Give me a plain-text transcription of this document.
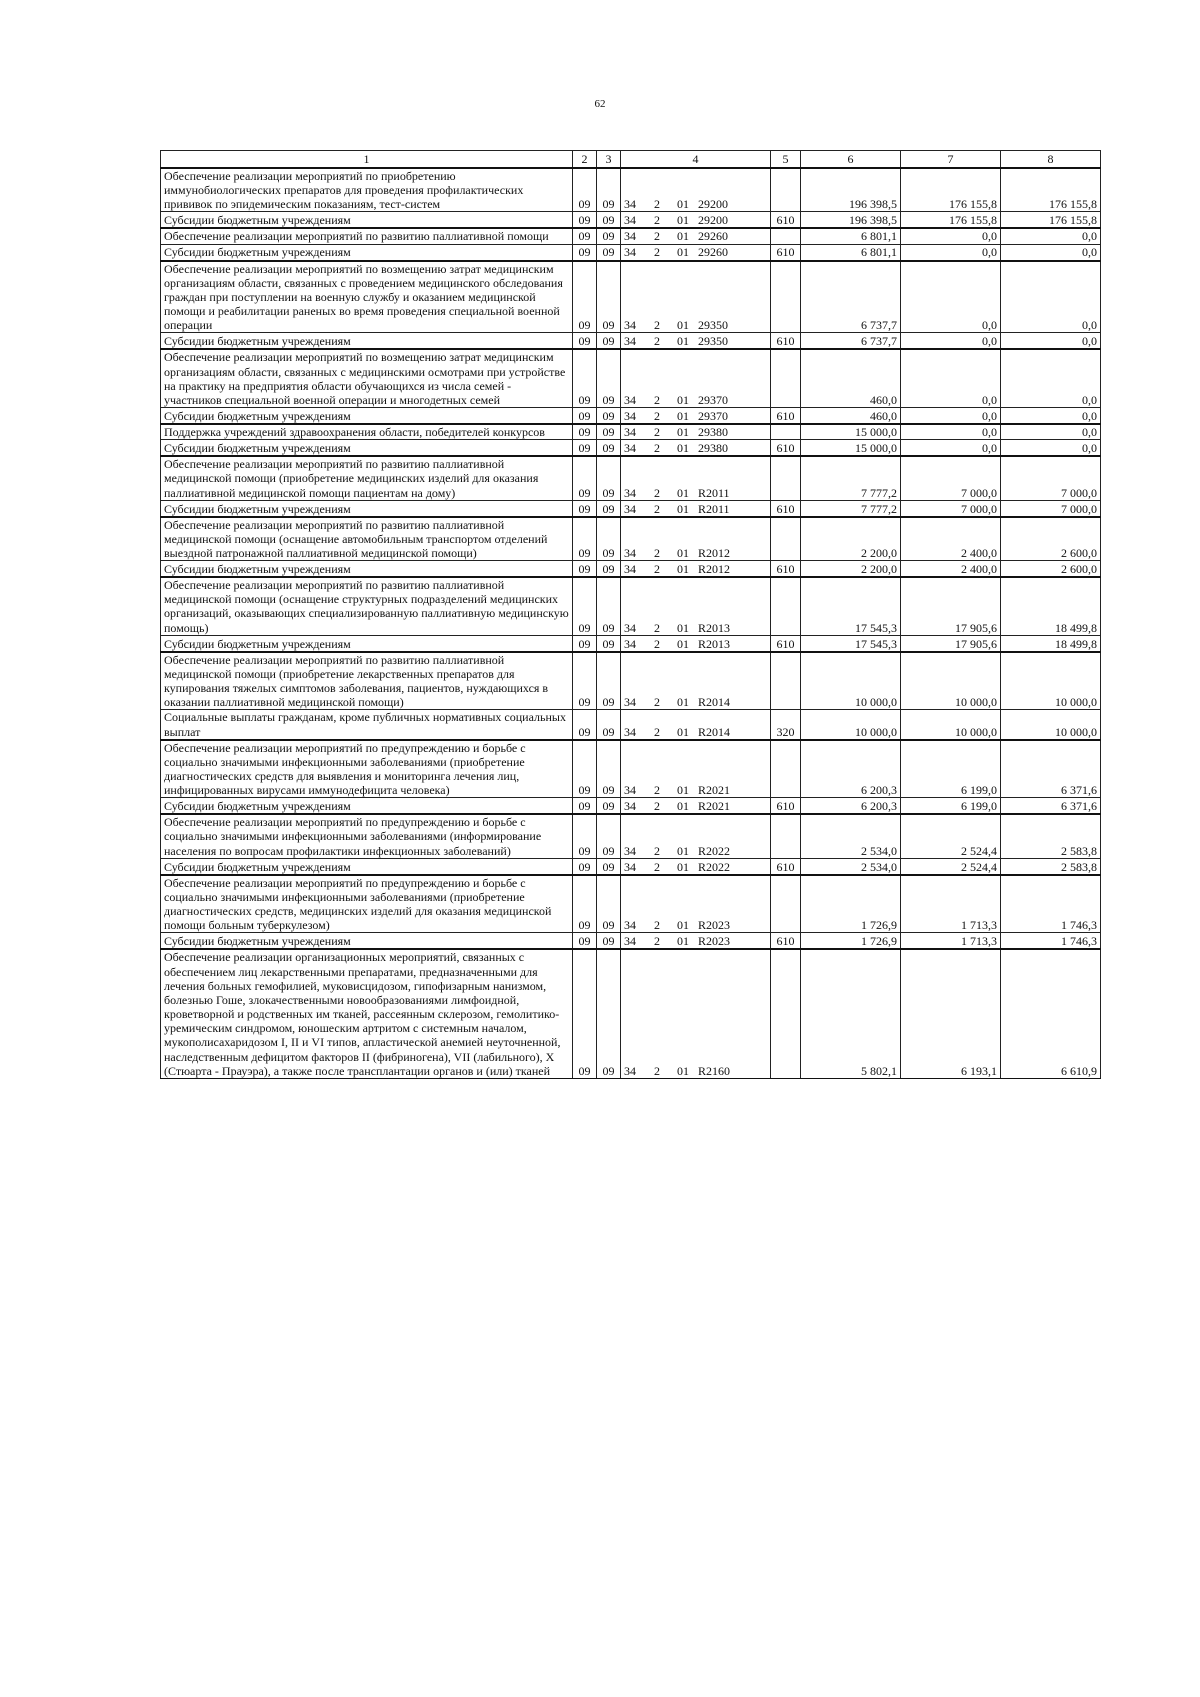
62
1	2	3	4	5	6	7	8
Обеспечение реализации мероприятий по приобретению иммунобиологических препаратов для проведения профилактических прививок по эпидемическим показаниям, тест-систем	09	09	34 2 01 29200		196 398,5	176 155,8	176 155,8
Субсидии бюджетным учреждениям	09	09	34 2 01 29200	610	196 398,5	176 155,8	176 155,8
Обеспечение реализации мероприятий по развитию паллиативной помощи	09	09	34 2 01 29260		6 801,1	0,0	0,0
Субсидии бюджетным учреждениям	09	09	34 2 01 29260	610	6 801,1	0,0	0,0
Обеспечение реализации мероприятий по возмещению затрат медицинским организациям области, связанных с проведением медицинского обследования граждан при поступлении на военную службу и оказанием медицинской помощи и реабилитации раненых во время проведения специальной военной операции	09	09	34 2 01 29350		6 737,7	0,0	0,0
Субсидии бюджетным учреждениям	09	09	34 2 01 29350	610	6 737,7	0,0	0,0
Обеспечение реализации мероприятий по возмещению затрат медицинским организациям области, связанных с медицинскими осмотрами при устройстве на практику на предприятия области обучающихся из числа семей - участников специальной военной операции и многодетных семей	09	09	34 2 01 29370		460,0	0,0	0,0
Субсидии бюджетным учреждениям	09	09	34 2 01 29370	610	460,0	0,0	0,0
Поддержка учреждений здравоохранения области, победителей конкурсов	09	09	34 2 01 29380		15 000,0	0,0	0,0
Субсидии бюджетным учреждениям	09	09	34 2 01 29380	610	15 000,0	0,0	0,0
Обеспечение реализации мероприятий по развитию паллиативной медицинской помощи (приобретение медицинских изделий для оказания паллиативной медицинской помощи пациентам на дому)	09	09	34 2 01 R2011		7 777,2	7 000,0	7 000,0
Субсидии бюджетным учреждениям	09	09	34 2 01 R2011	610	7 777,2	7 000,0	7 000,0
Обеспечение реализации мероприятий по развитию паллиативной медицинской помощи (оснащение автомобильным транспортом отделений выездной патронажной паллиативной медицинской помощи)	09	09	34 2 01 R2012		2 200,0	2 400,0	2 600,0
Субсидии бюджетным учреждениям	09	09	34 2 01 R2012	610	2 200,0	2 400,0	2 600,0
Обеспечение реализации мероприятий по развитию паллиативной медицинской помощи (оснащение структурных подразделений медицинских организаций, оказывающих специализированную паллиативную медицинскую помощь)	09	09	34 2 01 R2013		17 545,3	17 905,6	18 499,8
Субсидии бюджетным учреждениям	09	09	34 2 01 R2013	610	17 545,3	17 905,6	18 499,8
Обеспечение реализации мероприятий по развитию паллиативной медицинской помощи (приобретение лекарственных препаратов для купирования тяжелых симптомов заболевания, пациентов, нуждающихся в оказании паллиативной медицинской помощи)	09	09	34 2 01 R2014		10 000,0	10 000,0	10 000,0
Социальные выплаты гражданам, кроме публичных нормативных социальных выплат	09	09	34 2 01 R2014	320	10 000,0	10 000,0	10 000,0
Обеспечение реализации мероприятий по предупреждению и борьбе с социально значимыми инфекционными заболеваниями (приобретение диагностических средств для выявления и мониторинга лечения лиц, инфицированных вирусами иммунодефицита человека)	09	09	34 2 01 R2021		6 200,3	6 199,0	6 371,6
Субсидии бюджетным учреждениям	09	09	34 2 01 R2021	610	6 200,3	6 199,0	6 371,6
Обеспечение реализации мероприятий по предупреждению и борьбе с социально значимыми инфекционными заболеваниями (информирование населения по вопросам профилактики инфекционных заболеваний)	09	09	34 2 01 R2022		2 534,0	2 524,4	2 583,8
Субсидии бюджетным учреждениям	09	09	34 2 01 R2022	610	2 534,0	2 524,4	2 583,8
Обеспечение реализации мероприятий по предупреждению и борьбе с социально значимыми инфекционными заболеваниями (приобретение диагностических средств, медицинских изделий для оказания медицинской помощи больным туберкулезом)	09	09	34 2 01 R2023		1 726,9	1 713,3	1 746,3
Субсидии бюджетным учреждениям	09	09	34 2 01 R2023	610	1 726,9	1 713,3	1 746,3
Обеспечение реализации организационных мероприятий, связанных с обеспечением лиц лекарственными препаратами, предназначенными для лечения больных гемофилией, муковисцидозом, гипофизарным нанизмом, болезнью Гоше, злокачественными новообразованиями лимфоидной, кроветворной и родственных им тканей, рассеянным склерозом, гемолитико-уремическим синдромом, юношеским артритом с системным началом, мукополисахаридозом I, II и VI типов, апластической анемией неуточненной, наследственным дефицитом факторов II (фибриногена), VII (лабильного), X (Стюарта - Прауэра), а также после трансплантации органов и (или) тканей	09	09	34 2 01 R2160		5 802,1	6 193,1	6 610,9
